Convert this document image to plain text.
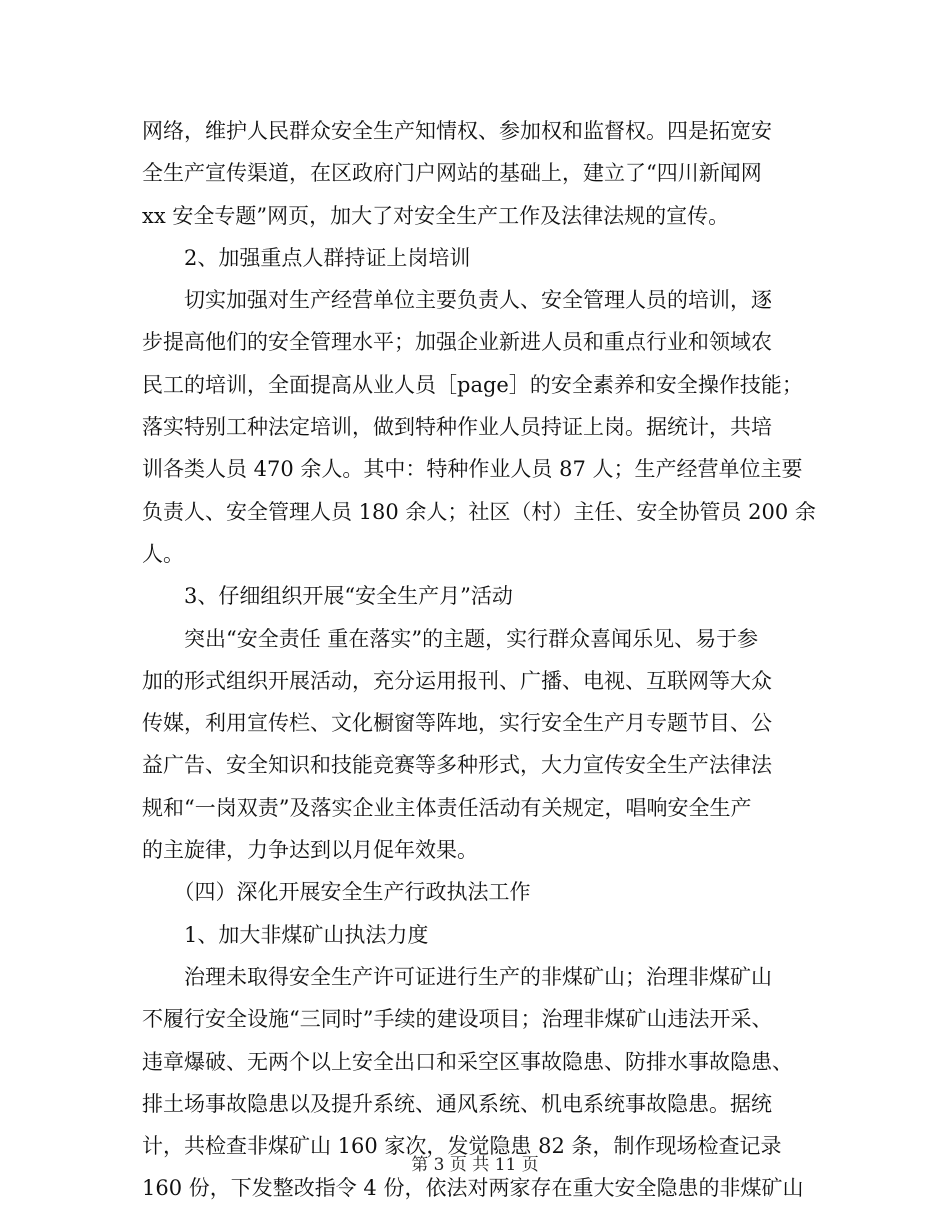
网络，维护人民群众安全生产知情权、参加权和监督权。四是拓宽安
全生产宣传渠道，在区政府门户网站的基础上，建立了“四川新闻网
xx 安全专题”网页，加大了对安全生产工作及法律法规的宣传。
　　2、加强重点人群持证上岗培训
　　切实加强对生产经营单位主要负责人、安全管理人员的培训，逐
步提高他们的安全管理水平；加强企业新进人员和重点行业和领域农
民工的培训，全面提高从业人员［page］的安全素养和安全操作技能；
落实特别工种法定培训，做到特种作业人员持证上岗。据统计，共培
训各类人员 470 余人。其中：特种作业人员 87 人；生产经营单位主要
负责人、安全管理人员 180 余人；社区（村）主任、安全协管员 200 余
人。
　　3、仔细组织开展“安全生产月”活动
　　突出“安全责任 重在落实”的主题，实行群众喜闻乐见、易于参
加的形式组织开展活动，充分运用报刊、广播、电视、互联网等大众
传媒，利用宣传栏、文化橱窗等阵地，实行安全生产月专题节目、公
益广告、安全知识和技能竞赛等多种形式，大力宣传安全生产法律法
规和“一岗双责”及落实企业主体责任活动有关规定，唱响安全生产
的主旋律，力争达到以月促年效果。
　　（四）深化开展安全生产行政执法工作
　　1、加大非煤矿山执法力度
　　治理未取得安全生产许可证进行生产的非煤矿山；治理非煤矿山
不履行安全设施“三同时”手续的建设项目；治理非煤矿山违法开采、
违章爆破、无两个以上安全出口和采空区事故隐患、防排水事故隐患、
排土场事故隐患以及提升系统、通风系统、机电系统事故隐患。据统
计，共检查非煤矿山 160 家次，发觉隐患 82 条，制作现场检查记录
160 份，下发整改指令 4 份，依法对两家存在重大安全隐患的非煤矿山
第 3 页 共 11 页
